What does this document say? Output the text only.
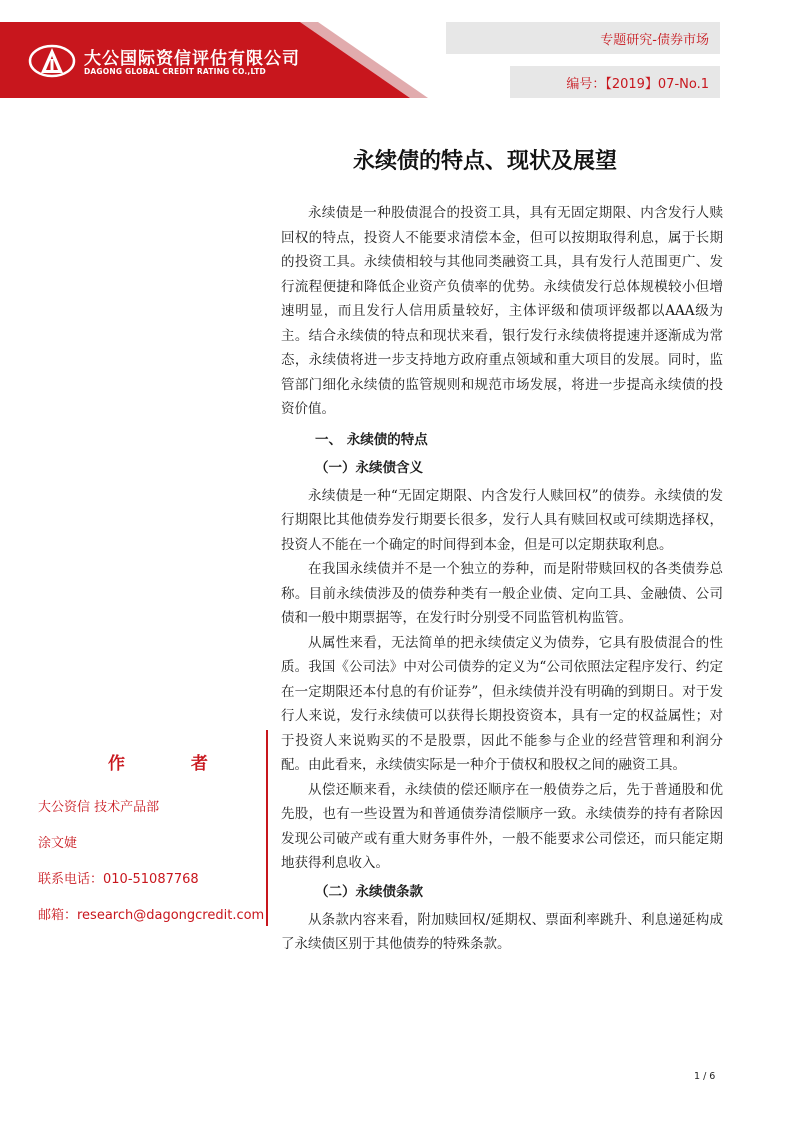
大公国际资信评估有限公司
DAGONG GLOBAL CREDIT RATING CO.,LTD
专题研究-债券市场
编号：【2019】07-No.1
永续债的特点、现状及展望

永续债是一种股债混合的投资工具，具有无固定期限、内含发行人赎回权的特点，投资人不能要求清偿本金，但可以按期取得利息，属于长期的投资工具。永续债相较与其他同类融资工具，具有发行人范围更广、发行流程便捷和降低企业资产负债率的优势。永续债发行总体规模较小但增速明显，而且发行人信用质量较好，主体评级和债项评级都以AAA级为主。结合永续债的特点和现状来看，银行发行永续债将提速并逐渐成为常态，永续债将进一步支持地方政府重点领域和重大项目的发展。同时，监管部门细化永续债的监管规则和规范市场发展，将进一步提高永续债的投资价值。

一、 永续债的特点
（一）永续债含义

永续债是一种“无固定期限、内含发行人赎回权”的债券。永续债的发行期限比其他债券发行期要长很多，发行人具有赎回权或可续期选择权，投资人不能在一个确定的时间得到本金，但是可以定期获取利息。

在我国永续债并不是一个独立的券种，而是附带赎回权的各类债券总称。目前永续债涉及的债券种类有一般企业债、定向工具、金融债、公司债和一般中期票据等，在发行时分别受不同监管机构监管。

从属性来看，无法简单的把永续债定义为债券，它具有股债混合的性质。我国《公司法》中对公司债券的定义为“公司依照法定程序发行、约定在一定期限还本付息的有价证券”，但永续债并没有明确的到期日。对于发行人来说，发行永续债可以获得长期投资资本，具有一定的权益属性；对于投资人来说购买的不是股票，因此不能参与企业的经营管理和利润分配。由此看来，永续债实际是一种介于债权和股权之间的融资工具。

从偿还顺来看，永续债的偿还顺序在一般债券之后，先于普通股和优先股，也有一些设置为和普通债券清偿顺序一致。永续债券的持有者除因发现公司破产或有重大财务事件外，一般不能要求公司偿还，而只能定期地获得利息收入。

（二）永续债条款

从条款内容来看，附加赎回权/延期权、票面利率跳升、利息递延构成了永续债区别于其他债券的特殊条款。

作 者
大公资信 技术产品部
涂文婕
联系电话：010-51087768
邮箱：research@dagongcredit.com
1 / 6
